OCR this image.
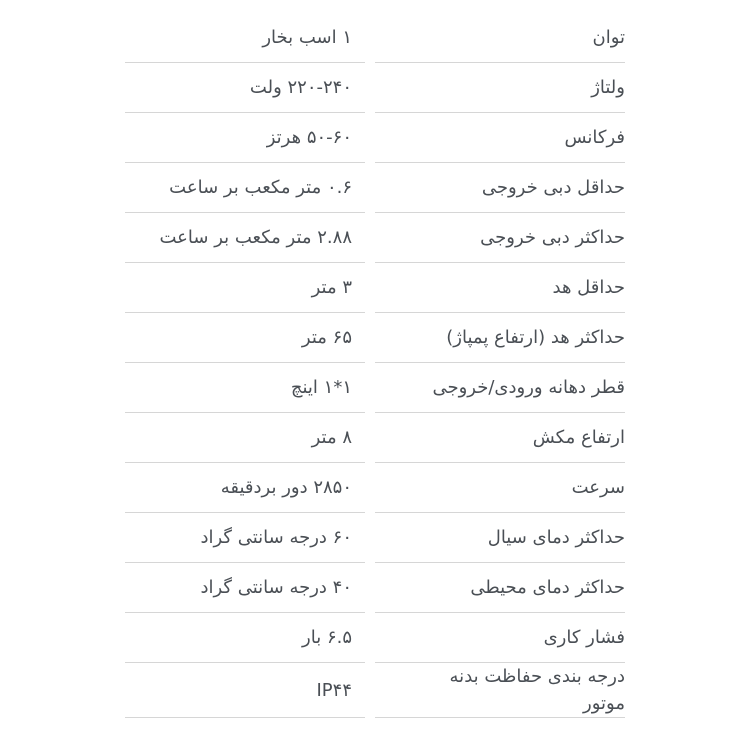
توان
۱ اسب بخار
ولتاژ
۲۲۰-۲۴۰ ولت
فرکانس
۵۰-۶۰ هرتز
حداقل دبی خروجی
۰.۶ متر مکعب بر ساعت
حداکثر دبی خروجی
۲.۸۸ متر مکعب بر ساعت
حداقل هد
۳ متر
حداکثر هد (ارتفاع پمپاژ)
۶۵ متر
قطر دهانه ورودی/خروجی
۱*۱ اینچ
ارتفاع مکش
۸ متر
سرعت
۲۸۵۰ دور بردقیقه
حداکثر دمای سیال
۶۰ درجه سانتی گراد
حداکثر دمای محیطی
۴۰ درجه سانتی گراد
فشار کاری
۶.۵ بار
درجه بندی حفاظت بدنه موتور
IP۴۴
